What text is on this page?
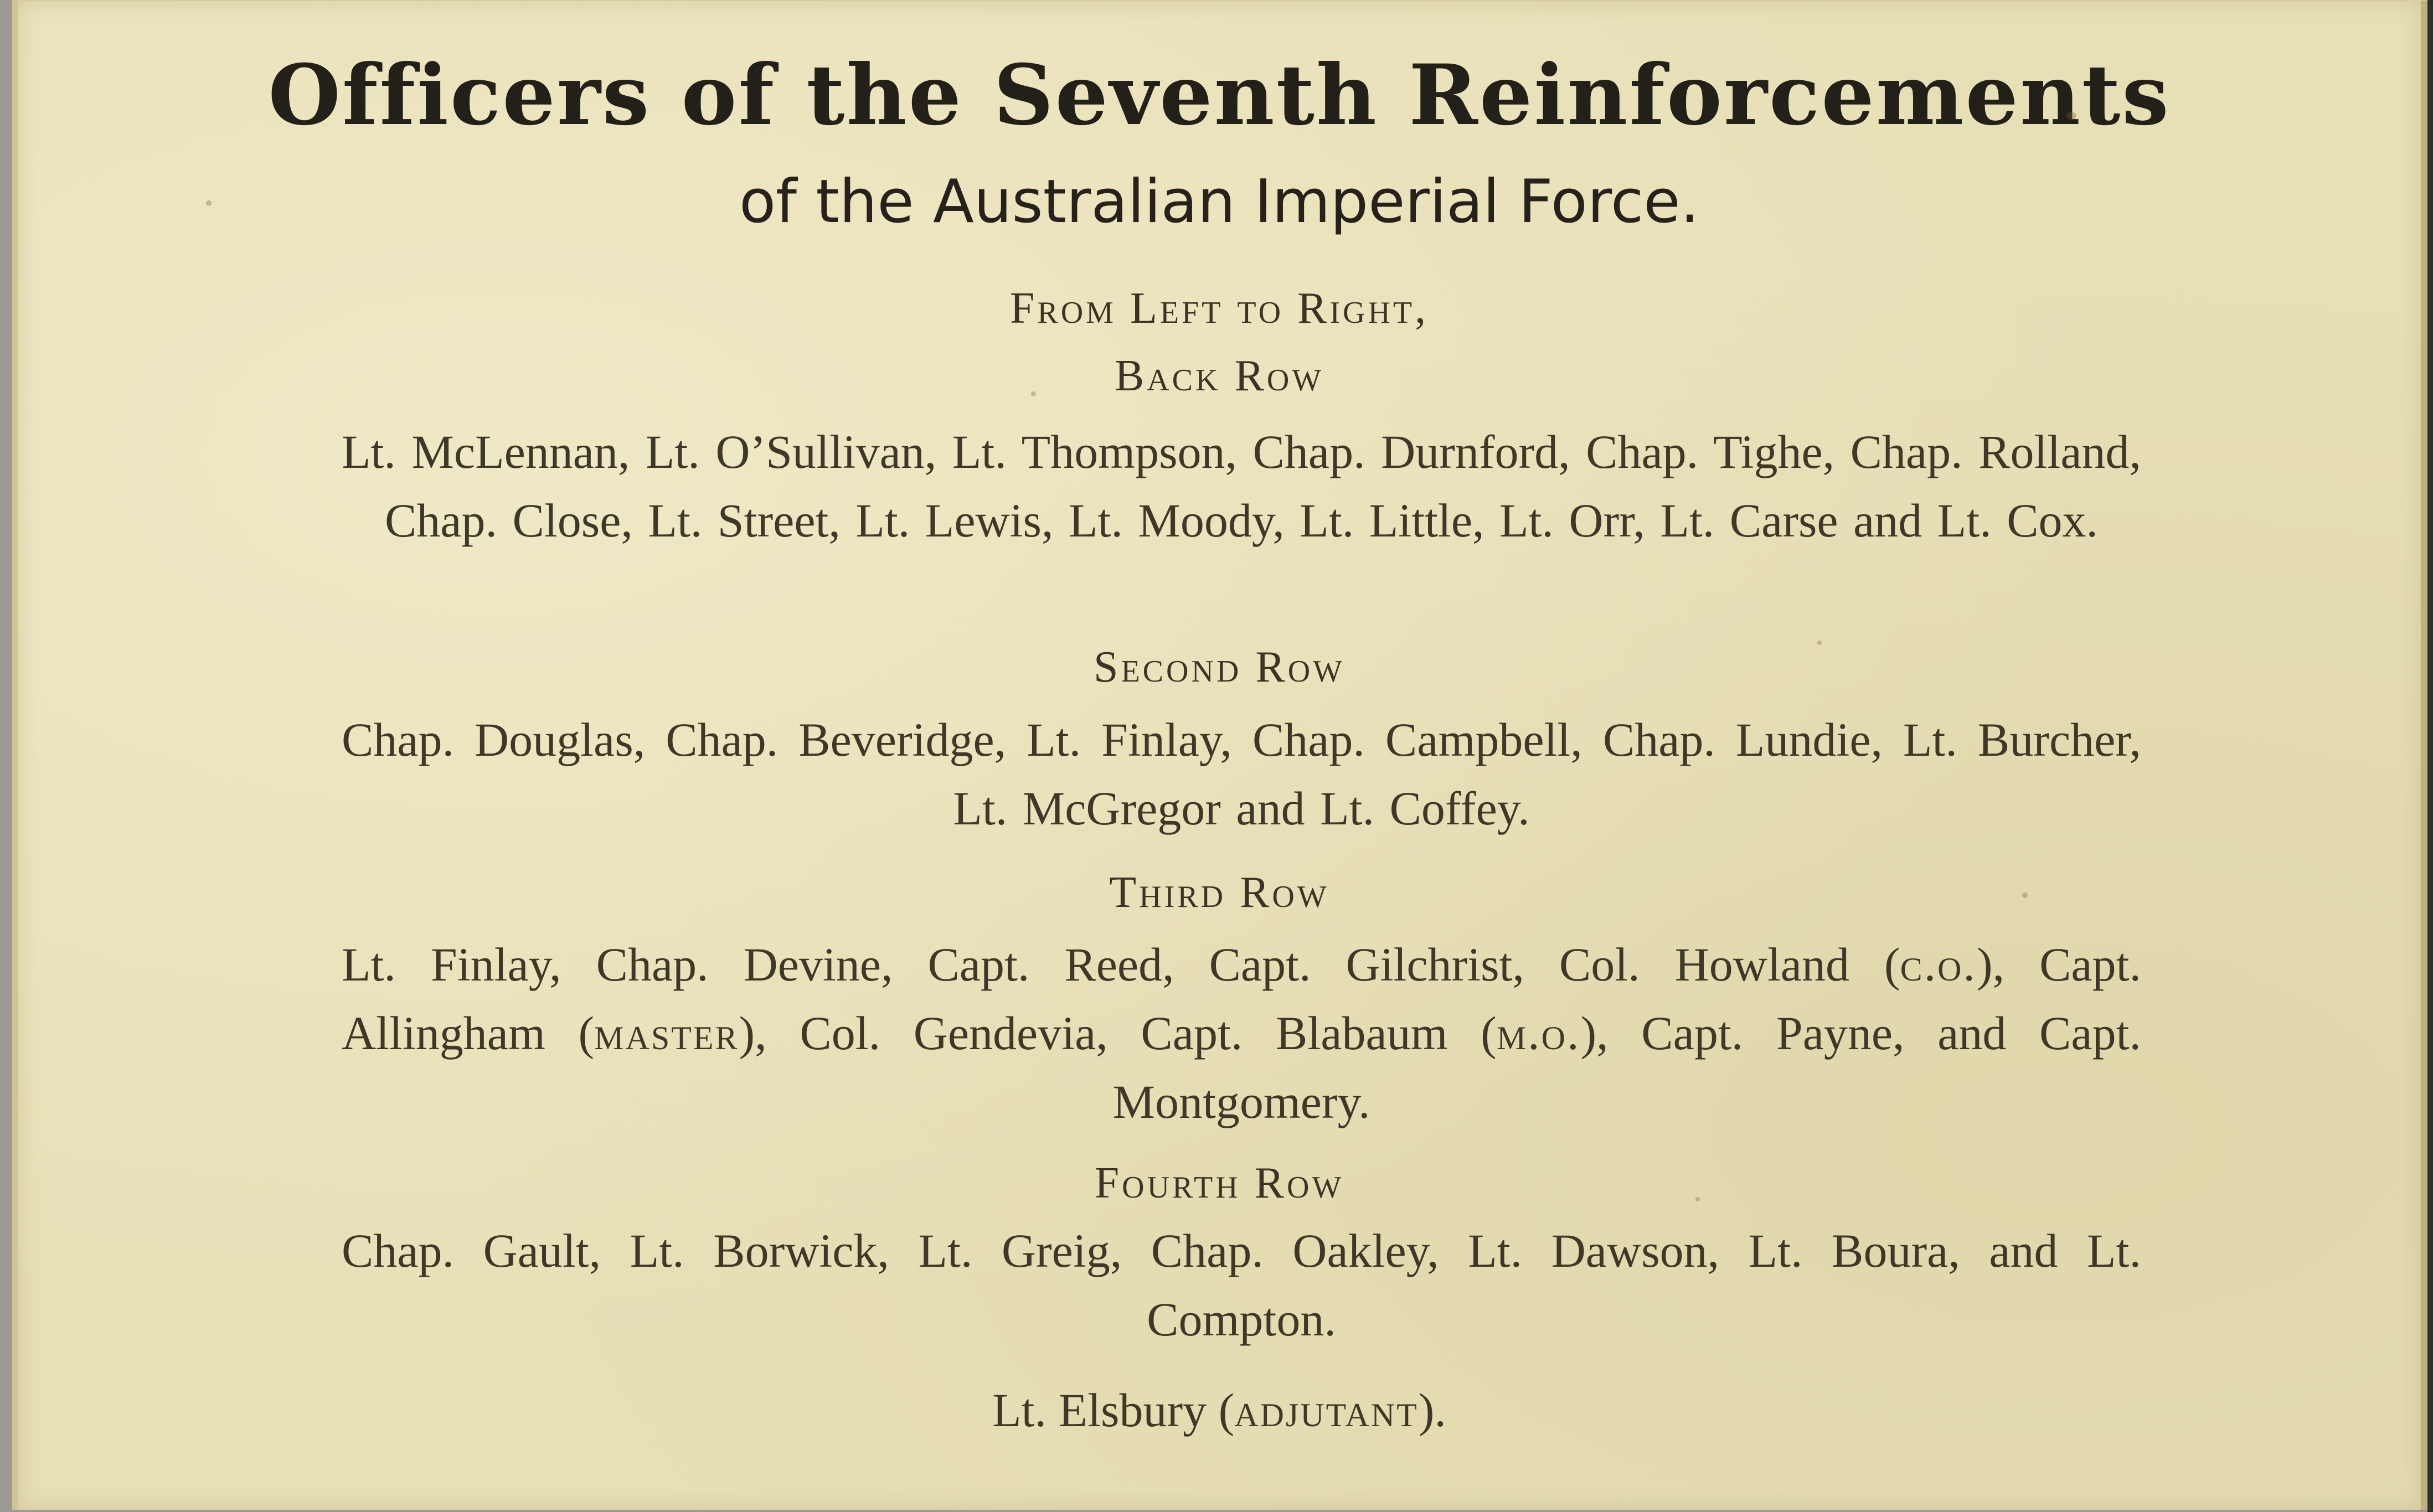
Officers of the Seventh Reinforcements
of the Australian Imperial Force.
From Left to Right,
Back Row
Lt. McLennan, Lt. O’Sullivan, Lt. Thompson, Chap. Durnford, Chap. Tighe, Chap. Rolland, Chap. Close, Lt. Street, Lt. Lewis, Lt. Moody, Lt. Little, Lt. Orr, Lt. Carse and Lt. Cox.
Second Row
Chap. Douglas, Chap. Beveridge, Lt. Finlay, Chap. Campbell, Chap. Lundie, Lt. Burcher, Lt. McGregor and Lt. Coffey.
Third Row
Lt. Finlay, Chap. Devine, Capt. Reed, Capt. Gilchrist, Col. Howland (c.o.), Capt. Allingham (master), Col. Gendevia, Capt. Blabaum (m.o.), Capt. Payne, and Capt. Montgomery.
Fourth Row
Chap. Gault, Lt. Borwick, Lt. Greig, Chap. Oakley, Lt. Dawson, Lt. Boura, and Lt. Compton.
Lt. Elsbury (adjutant).
